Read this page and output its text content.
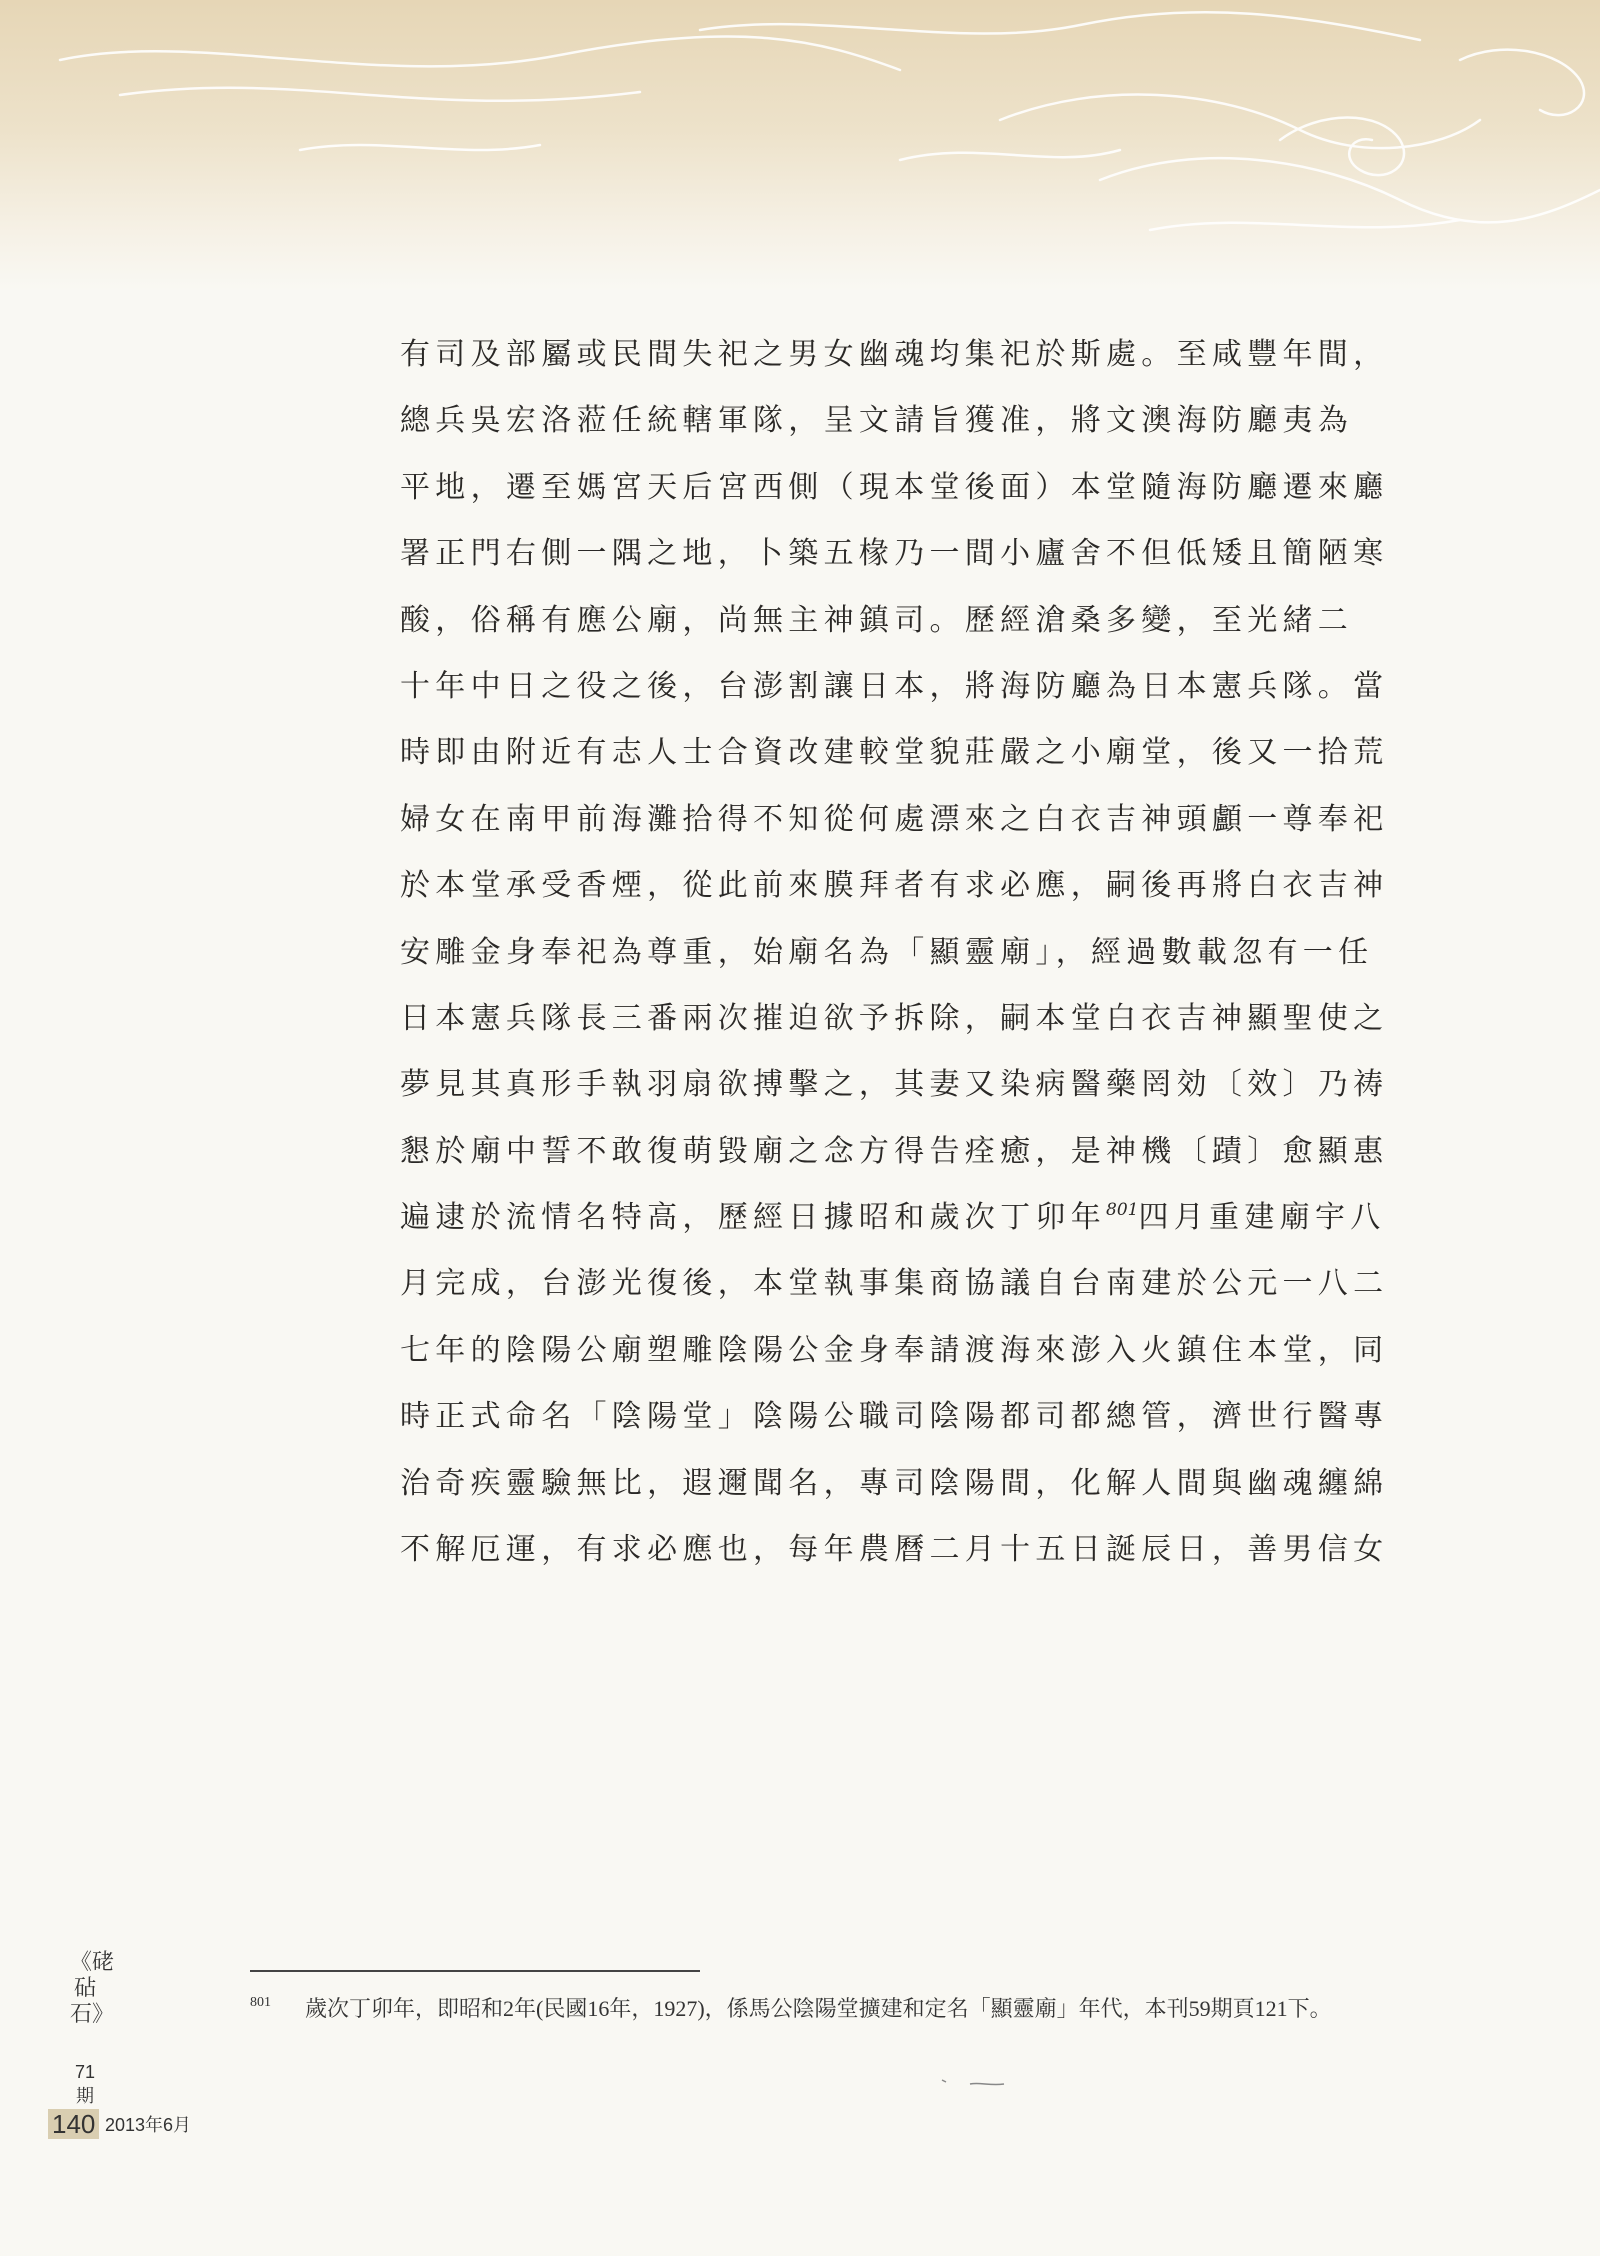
有司及部屬或民間失祀之男女幽魂均集祀於斯處。至咸豐年間，
總兵吳宏洛蒞任統轄軍隊，呈文請旨獲准，將文澳海防廳夷為
平地，遷至媽宮天后宮西側（現本堂後面）本堂隨海防廳遷來廳
署正門右側一隅之地，卜築五椽乃一間小廬舍不但低矮且簡陋寒
酸，俗稱有應公廟，尚無主神鎮司。歷經滄桑多變，至光緒二
十年中日之役之後，台澎割讓日本，將海防廳為日本憲兵隊。當
時即由附近有志人士合資改建較堂貌莊嚴之小廟堂，後又一拾荒
婦女在南甲前海灘拾得不知從何處漂來之白衣吉神頭顱一尊奉祀
於本堂承受香煙，從此前來膜拜者有求必應，嗣後再將白衣吉神
安雕金身奉祀為尊重，始廟名為「顯靈廟」，經過數載忽有一任
日本憲兵隊長三番兩次摧迫欲予拆除，嗣本堂白衣吉神顯聖使之
夢見其真形手執羽扇欲搏擊之，其妻又染病醫藥罔効〔效〕乃祷
懇於廟中誓不敢復萌毀廟之念方得告痊癒，是神機〔蹟〕愈顯惠
遍逮於流情名特高，歷經日據昭和歲次丁卯年$^{801}$四月重建廟宇八
月完成，台澎光復後，本堂執事集商協議自台南建於公元一八二
七年的陰陽公廟塑雕陰陽公金身奉請渡海來澎入火鎮住本堂，同
時正式命名「陰陽堂」陰陽公職司陰陽都司都總管，濟世行醫專
治奇疾靈驗無比，遐邇聞名，專司陰陽間，化解人間與幽魂纏綿
不解厄運，有求必應也，每年農曆二月十五日誕辰日，善男信女
801 歲次丁卯年，即昭和2年(民國16年，1927)，係馬公陰陽堂擴建和定名「顯靈廟」年代，本刊59期頁121下。
《硓砧石》
71
期
140 2013年6月
